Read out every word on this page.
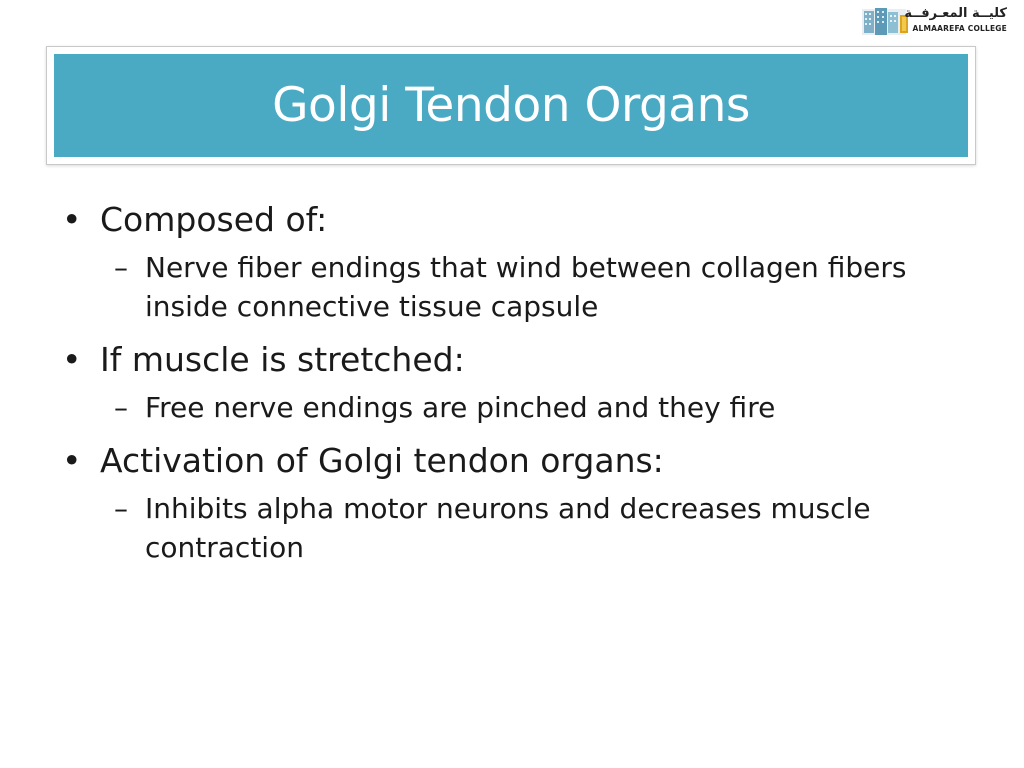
كليــة المعـرفــة
ALMAAREFA COLLEGE
Golgi Tendon Organs

• Composed of:

– Nerve fiber endings that wind between collagen fibers inside connective tissue capsule

• If muscle is stretched:

– Free nerve endings are pinched and they fire

• Activation of Golgi tendon organs:

– Inhibits alpha motor neurons and decreases muscle contraction
